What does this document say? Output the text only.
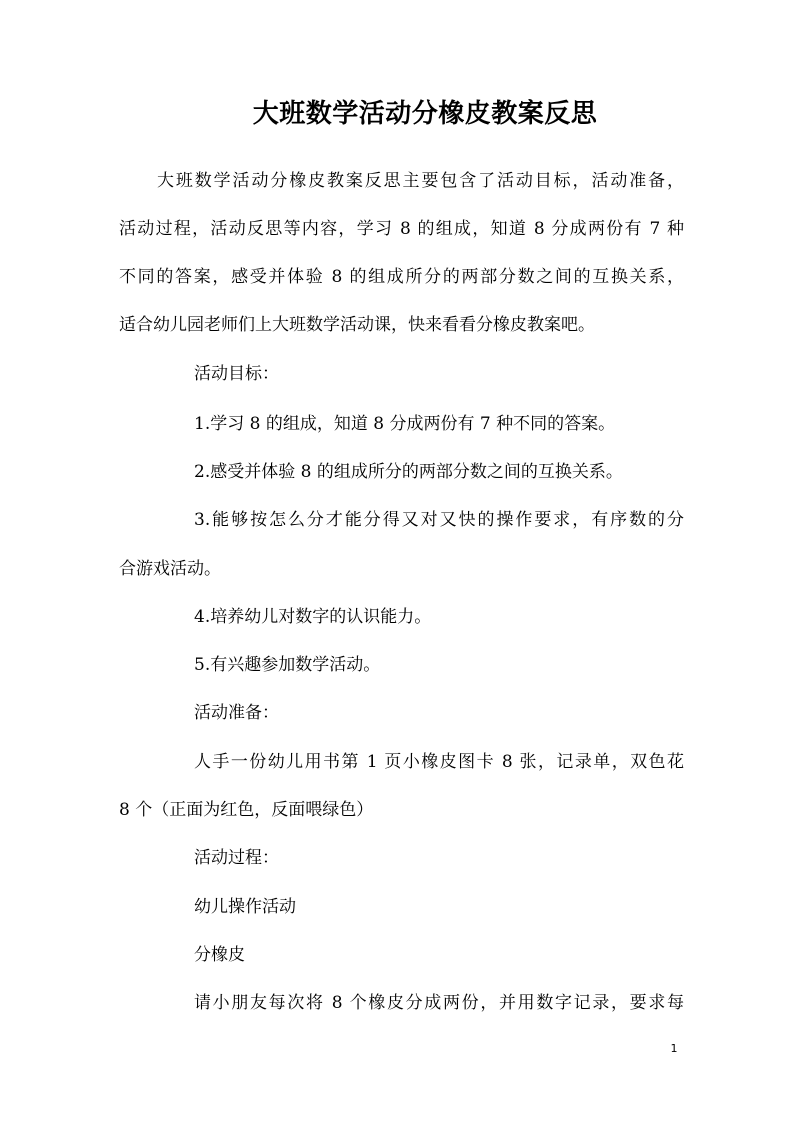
大班数学活动分橡皮教案反思
大班数学活动分橡皮教案反思主要包含了活动目标，活动准备，
活动过程，活动反思等内容，学习 8 的组成，知道 8 分成两份有 7 种
不同的答案，感受并体验 8 的组成所分的两部分数之间的互换关系，
适合幼儿园老师们上大班数学活动课，快来看看分橡皮教案吧。
活动目标：
1.学习 8 的组成，知道 8 分成两份有 7 种不同的答案。
2.感受并体验 8 的组成所分的两部分数之间的互换关系。
3.能够按怎么分才能分得又对又快的操作要求，有序数的分
合游戏活动。
4.培养幼儿对数字的认识能力。
5.有兴趣参加数学活动。
活动准备：
人手一份幼儿用书第 1 页小橡皮图卡 8 张，记录单，双色花
8 个（正面为红色，反面喂绿色）
活动过程：
幼儿操作活动
分橡皮
请小朋友每次将 8 个橡皮分成两份，并用数字记录，要求每
1
